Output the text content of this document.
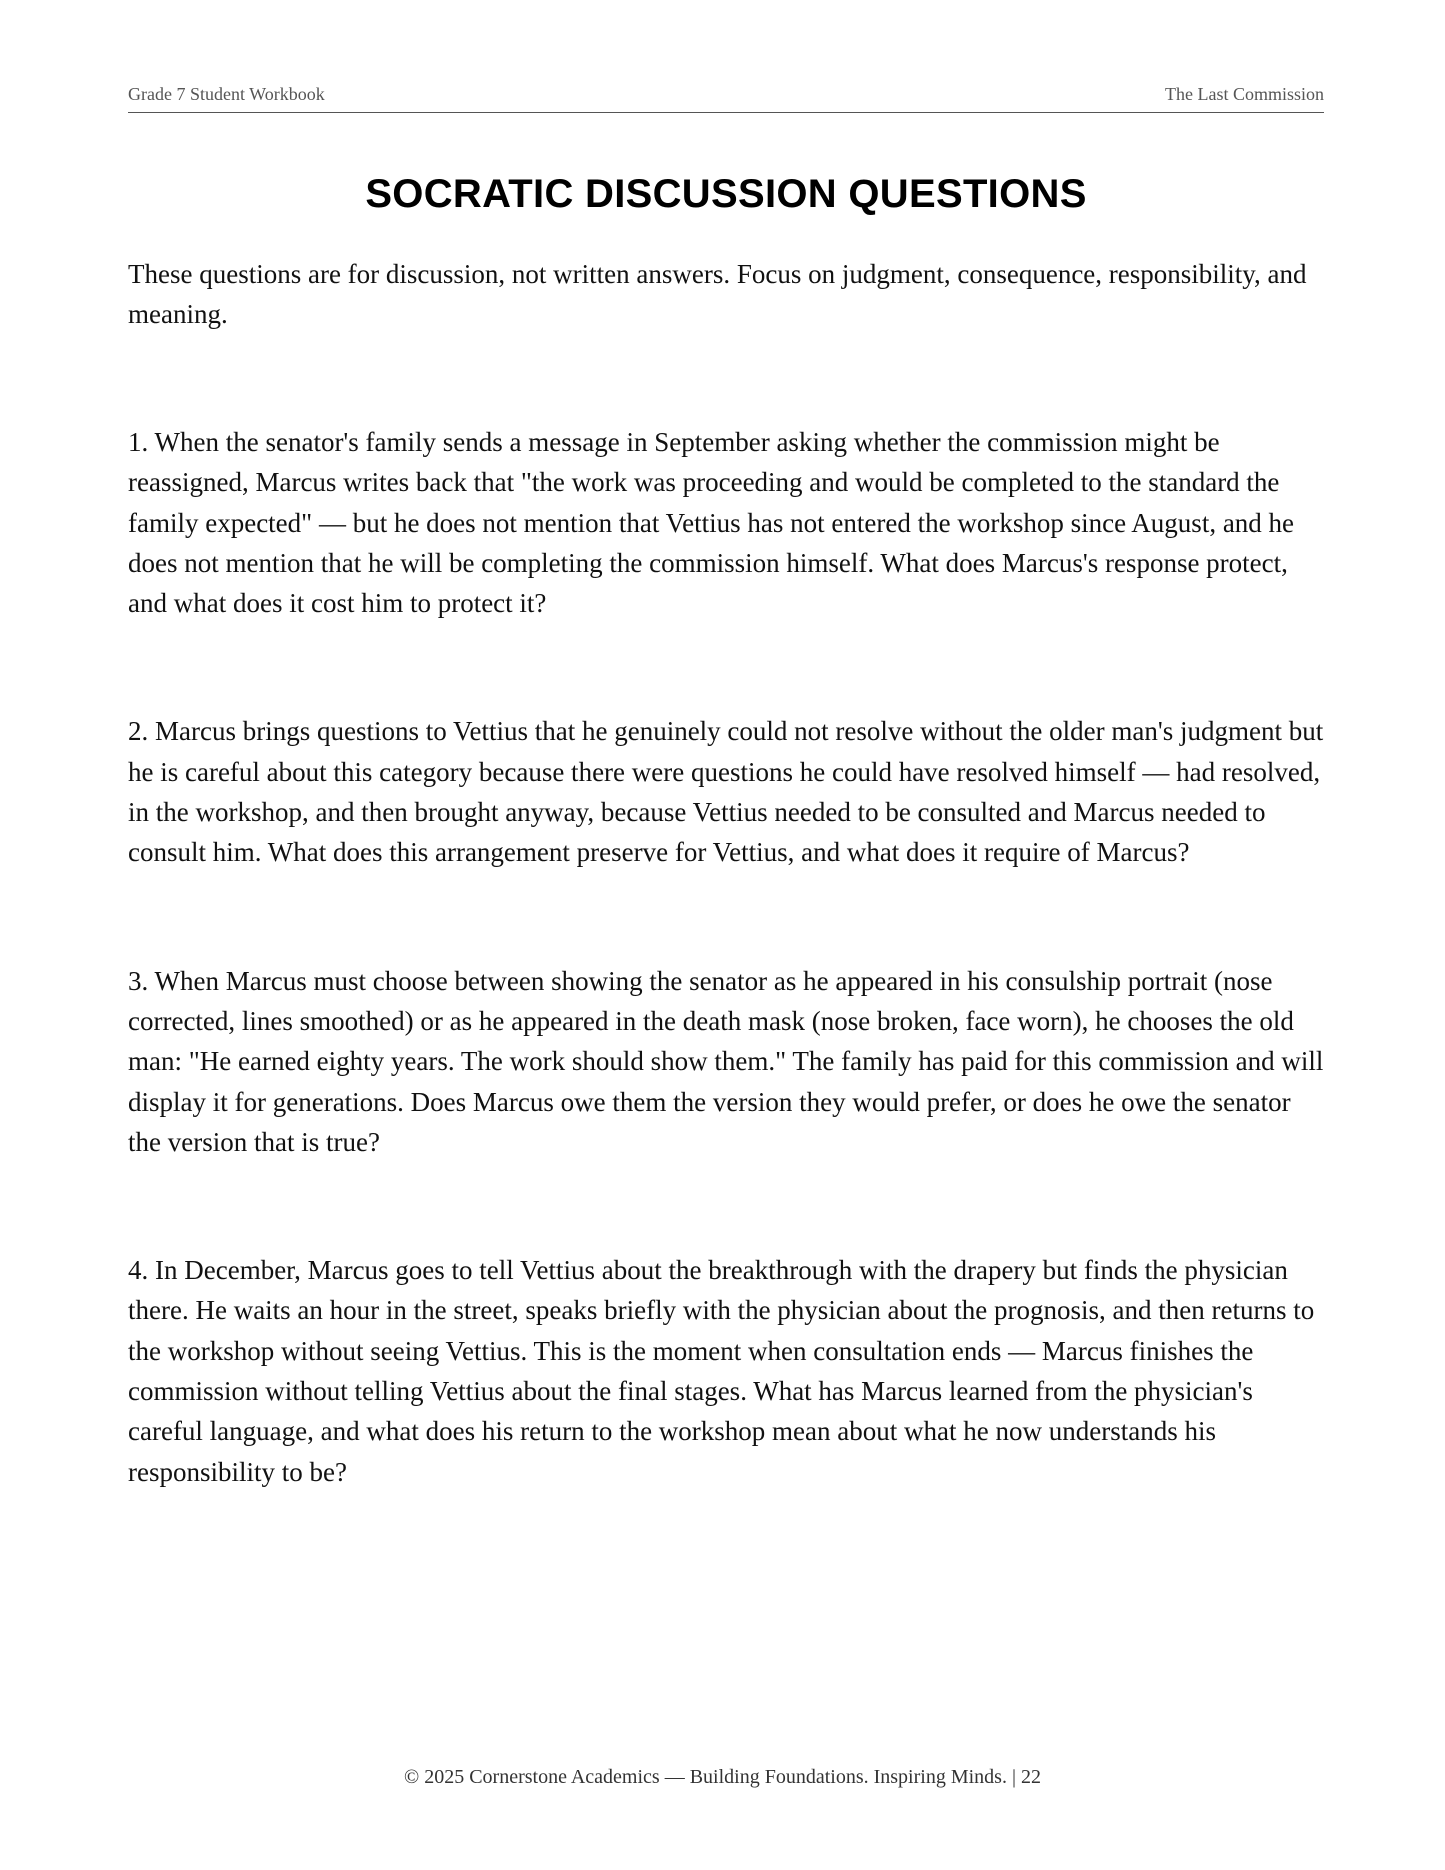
Grade 7 Student Workbook	The Last Commission
SOCRATIC DISCUSSION QUESTIONS

These questions are for discussion, not written answers. Focus on judgment, consequence, responsibility, and meaning.

1. When the senator's family sends a message in September asking whether the commission might be reassigned, Marcus writes back that "the work was proceeding and would be completed to the standard the family expected" — but he does not mention that Vettius has not entered the workshop since August, and he does not mention that he will be completing the commission himself. What does Marcus's response protect, and what does it cost him to protect it?

2. Marcus brings questions to Vettius that he genuinely could not resolve without the older man's judgment but he is careful about this category because there were questions he could have resolved himself — had resolved, in the workshop, and then brought anyway, because Vettius needed to be consulted and Marcus needed to consult him. What does this arrangement preserve for Vettius, and what does it require of Marcus?

3. When Marcus must choose between showing the senator as he appeared in his consulship portrait (nose corrected, lines smoothed) or as he appeared in the death mask (nose broken, face worn), he chooses the old man: "He earned eighty years. The work should show them." The family has paid for this commission and will display it for generations. Does Marcus owe them the version they would prefer, or does he owe the senator the version that is true?

4. In December, Marcus goes to tell Vettius about the breakthrough with the drapery but finds the physician there. He waits an hour in the street, speaks briefly with the physician about the prognosis, and then returns to the workshop without seeing Vettius. This is the moment when consultation ends — Marcus finishes the commission without telling Vettius about the final stages. What has Marcus learned from the physician's careful language, and what does his return to the workshop mean about what he now understands his responsibility to be?

© 2025 Cornerstone Academics — Building Foundations. Inspiring Minds. | 22
